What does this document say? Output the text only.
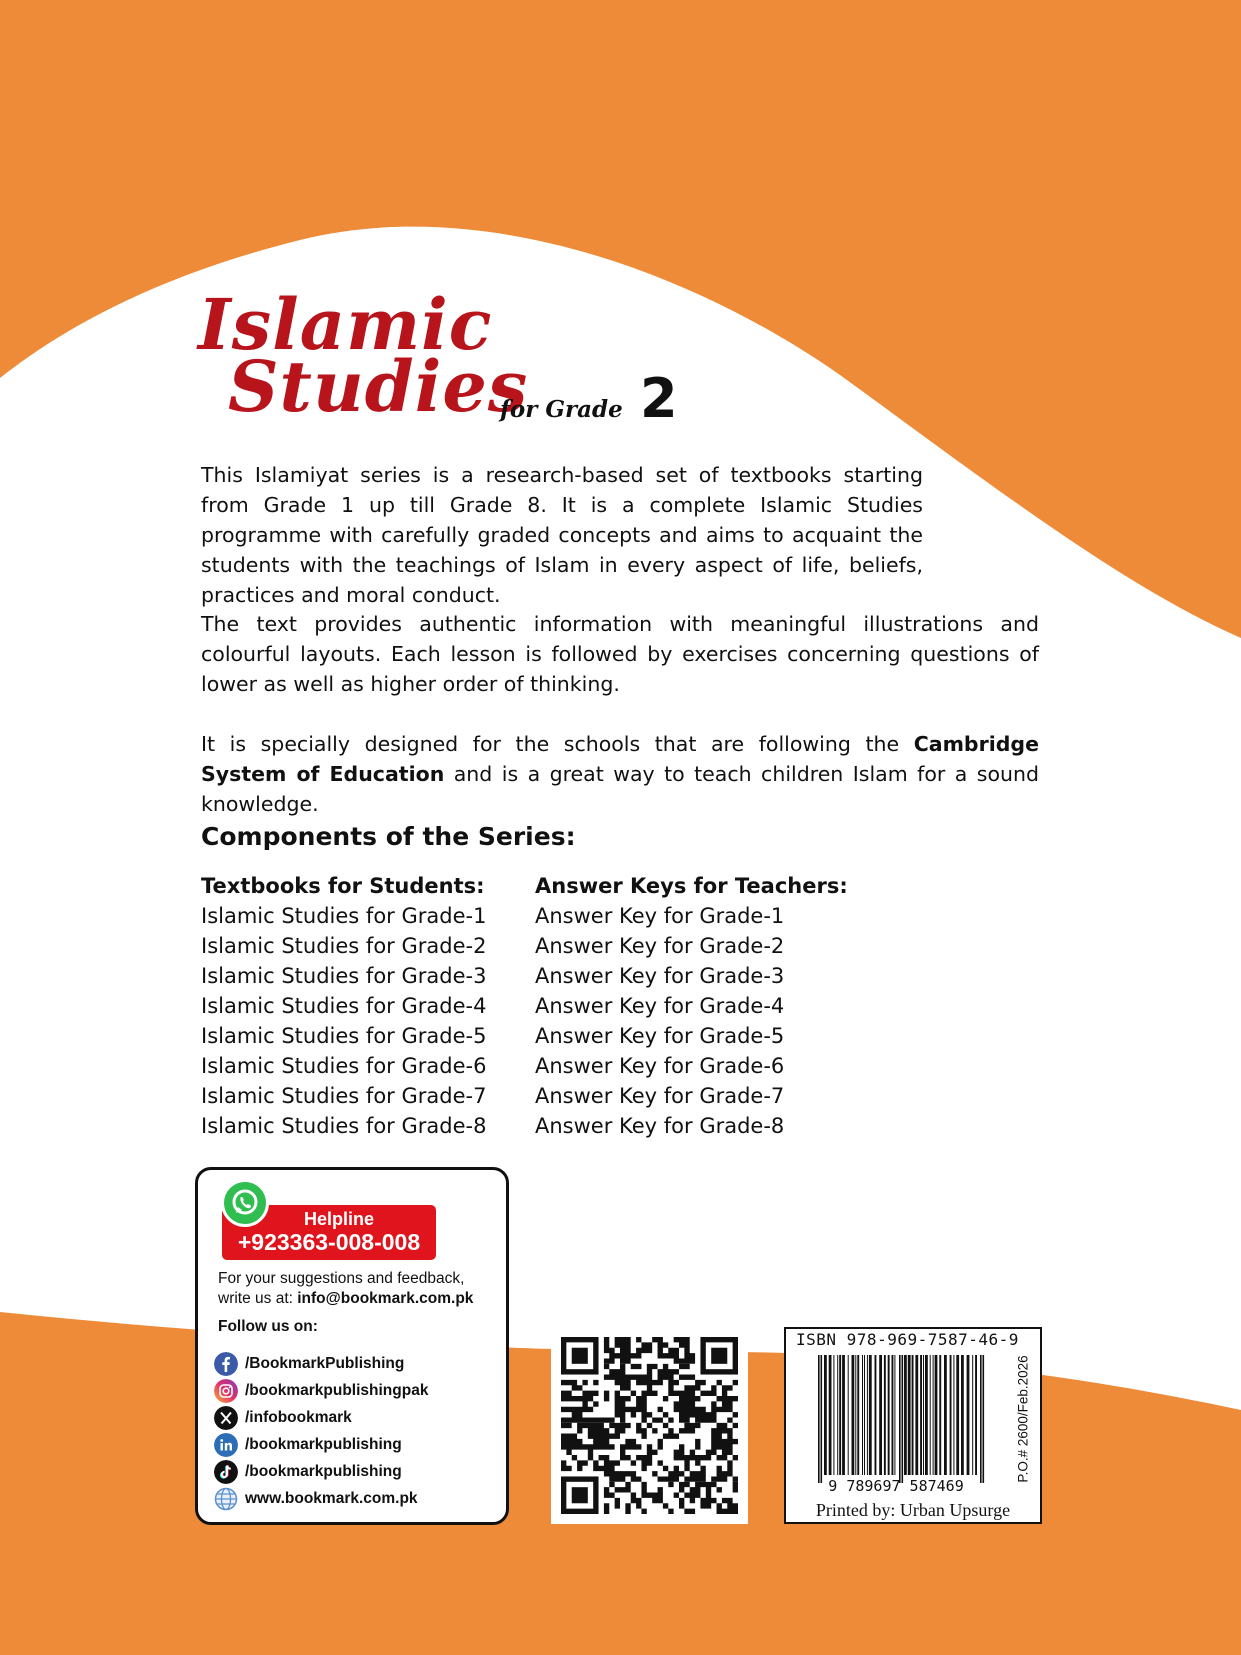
Islamic
Studies
for Grade 2

This Islamiyat series is a research-based set of textbooks starting from Grade 1 up till Grade 8. It is a complete Islamic Studies programme with carefully graded concepts and aims to acquaint the students with the teachings of Islam in every aspect of life, beliefs, practices and moral conduct.

The text provides authentic information with meaningful illustrations and colourful layouts. Each lesson is followed by exercises concerning questions of lower as well as higher order of thinking.

It is specially designed for the schools that are following the Cambridge System of Education and is a great way to teach children Islam for a sound knowledge.

Components of the Series:
Textbooks for Students:
Islamic Studies for Grade-1
Islamic Studies for Grade-2
Islamic Studies for Grade-3
Islamic Studies for Grade-4
Islamic Studies for Grade-5
Islamic Studies for Grade-6
Islamic Studies for Grade-7
Islamic Studies for Grade-8
Answer Keys for Teachers:
Answer Key for Grade-1
Answer Key for Grade-2
Answer Key for Grade-3
Answer Key for Grade-4
Answer Key for Grade-5
Answer Key for Grade-6
Answer Key for Grade-7
Answer Key for Grade-8
Helpline
+923363-008-008
For your suggestions and feedback,
write us at: info@bookmark.com.pk
Follow us on:
/BookmarkPublishing
/bookmarkpublishingpak
/infobookmark
/bookmarkpublishing
/bookmarkpublishing
www.bookmark.com.pk
ISBN 978-969-7587-46-9
9 789697 587469
P.O.# 2600/Feb.2026
Printed by: Urban Upsurge
